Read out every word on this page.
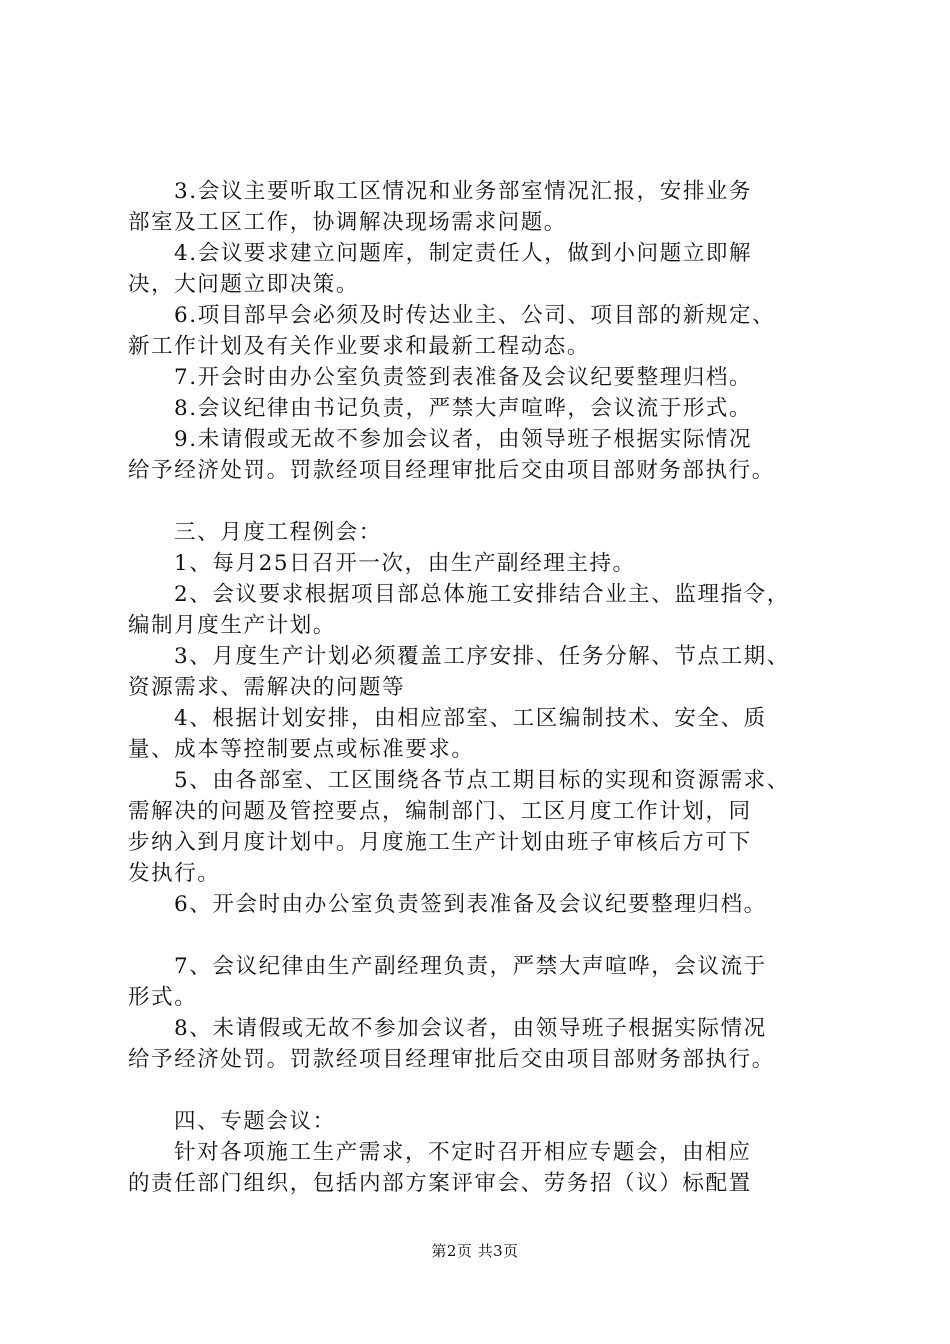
3.会议主要听取工区情况和业务部室情况汇报，安排业务
部室及工区工作，协调解决现场需求问题。
4.会议要求建立问题库，制定责任人，做到小问题立即解
决，大问题立即决策。
6.项目部早会必须及时传达业主、公司、项目部的新规定、
新工作计划及有关作业要求和最新工程动态。
7.开会时由办公室负责签到表准备及会议纪要整理归档。
8.会议纪律由书记负责，严禁大声喧哗，会议流于形式。
9.未请假或无故不参加会议者，由领导班子根据实际情况
给予经济处罚。罚款经项目经理审批后交由项目部财务部执行。
三、月度工程例会：
1、每月25日召开一次，由生产副经理主持。
2、会议要求根据项目部总体施工安排结合业主、监理指令，
编制月度生产计划。
3、月度生产计划必须覆盖工序安排、任务分解、节点工期、
资源需求、需解决的问题等
4、根据计划安排，由相应部室、工区编制技术、安全、质
量、成本等控制要点或标准要求。
5、由各部室、工区围绕各节点工期目标的实现和资源需求、
需解决的问题及管控要点，编制部门、工区月度工作计划，同
步纳入到月度计划中。月度施工生产计划由班子审核后方可下
发执行。
6、开会时由办公室负责签到表准备及会议纪要整理归档。
7、会议纪律由生产副经理负责，严禁大声喧哗，会议流于
形式。
8、未请假或无故不参加会议者，由领导班子根据实际情况
给予经济处罚。罚款经项目经理审批后交由项目部财务部执行。
四、专题会议：
针对各项施工生产需求，不定时召开相应专题会，由相应
的责任部门组织，包括内部方案评审会、劳务招（议）标配置
第2页 共3页
